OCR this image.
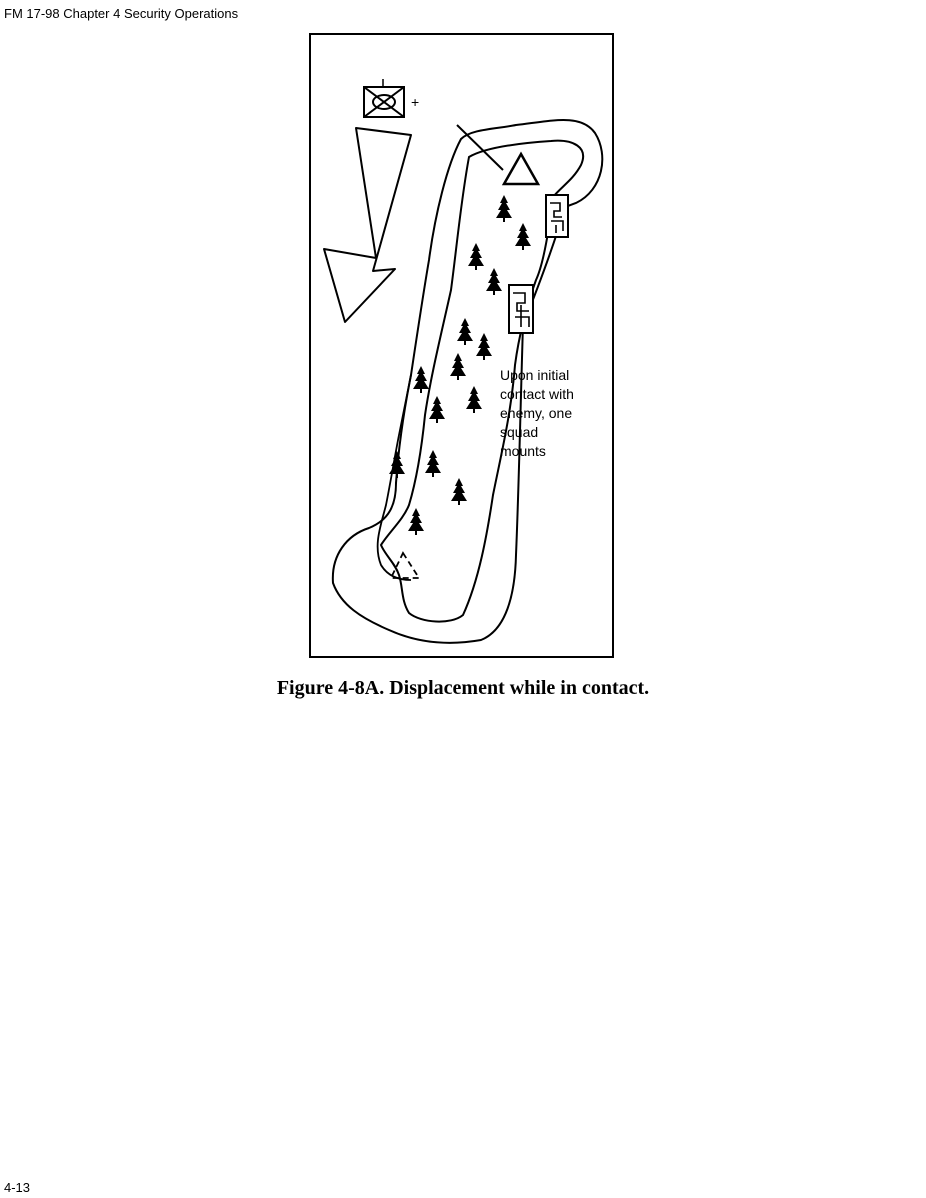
FM 17-98 Chapter 4 Security Operations
+
Upon initial contact with enemy, one squad mounts
Figure 4-8A. Displacement while in contact.
4-13
